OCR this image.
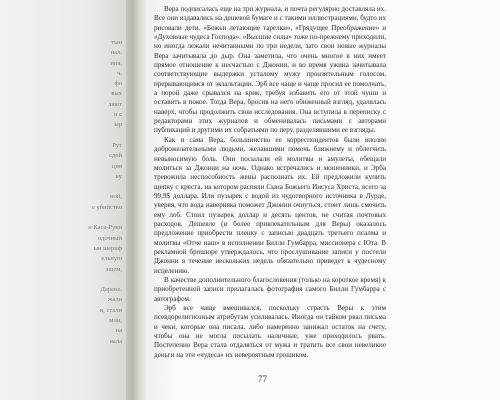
тью
нал.
ния,
ч.
фо
вых
ляют
и с
ыр

Рут
сдой
ция
ку

ной,
е убийство

и Каса-Руки
одочный
ын шериф
ельную
зщем,

Дарене.
жали
и, стали
мни,
на
вала

Вера подписалась еще на три журнала, и почта регулярно доставляла их. Все они издавались на дешевой бумаге и с такими иллюстрациями, будто их рисовали дети. «Божьи летающие тарелки», «Грядущее Преображение» и «Духовные чудеса Господа». «Высшие силы» тоже по-прежнему приходили, но иногда лежали нечитанными по три недели, зато свои новые журналы Вера зачитывала до дыр. Она заметила, что очень многое в них имеет прямое отношение к несчастью с Джонни, и во время ужина зачитывала соответствующие выдержки усталому мужу пронзительным голосом, прерывающимся от экзальтации. Эрб все чаще и чаще просил ее помолчать, а порой даже срывался на крик, требуя избавить его от этой чуши и оставить в покое. Тогда Вера, бросив на него обиженный взгляд, удалялась наверх, чтобы продолжить свои исследования. Она вступила в переписку с редакторами этих журналов и обменивалась письмами с авторами публикаций и другими их собратьями по перу, разделявшими ее взгляды.

Как и сама Вера, большинство ее корреспондентов были вполне доброжелательными людьми, желавшими помочь ближнему и облегчить невыносимую боль. Они посылали ей молитвы и амулеты, обещали молиться за Джонни на ночь. Однако встречались и мошенники, и Эрба тревожила неспособность жены распознать их. Ей предложили купить щепку с креста, на котором распяли Сына Божьего Иисуса Христа, всего за 99,9$ доллара. Или пузырек с водой из чудотворного источника в Лурде, уверяя, что вода наверняка поможет Джонни очнуться, стоит лишь смочить ему лоб. Стоил пузырек доллар и десять центов, не считая почтовых расходов. Дешевле (и более привлекательным для Веры) оказалось предложение приобрести пленку с записью двадцать третьего псалма и молитвы «Отче наш» в исполнении Билли Гумбарра, миссионера с Юта. В рекламной брошюре утверждалось, что прослушивание записи у постели Джонни в течение нескольких недель обязательно приведет к чудесному исцелению.

В качестве дополнительного благословения (только на короткое время) к приобретенной записи прилагалась фотография самого Билли Гумбарра с автографом.

Эрб все чаще вмешивался, поскольку страсть Веры к этим псевдорелигиозным атрибутам усиливалась. Иногда он тайком рвал письма и чеки, которые она писала, либо намеренно занижал остаток на счету, чтобы она не могла посылать наличные, уже приходилось рвать. Постепенно Вера стала отдаляться от мужа и тратить все свои невеликие деньги на эти «чудеса» их невероятным грошиком.

77
